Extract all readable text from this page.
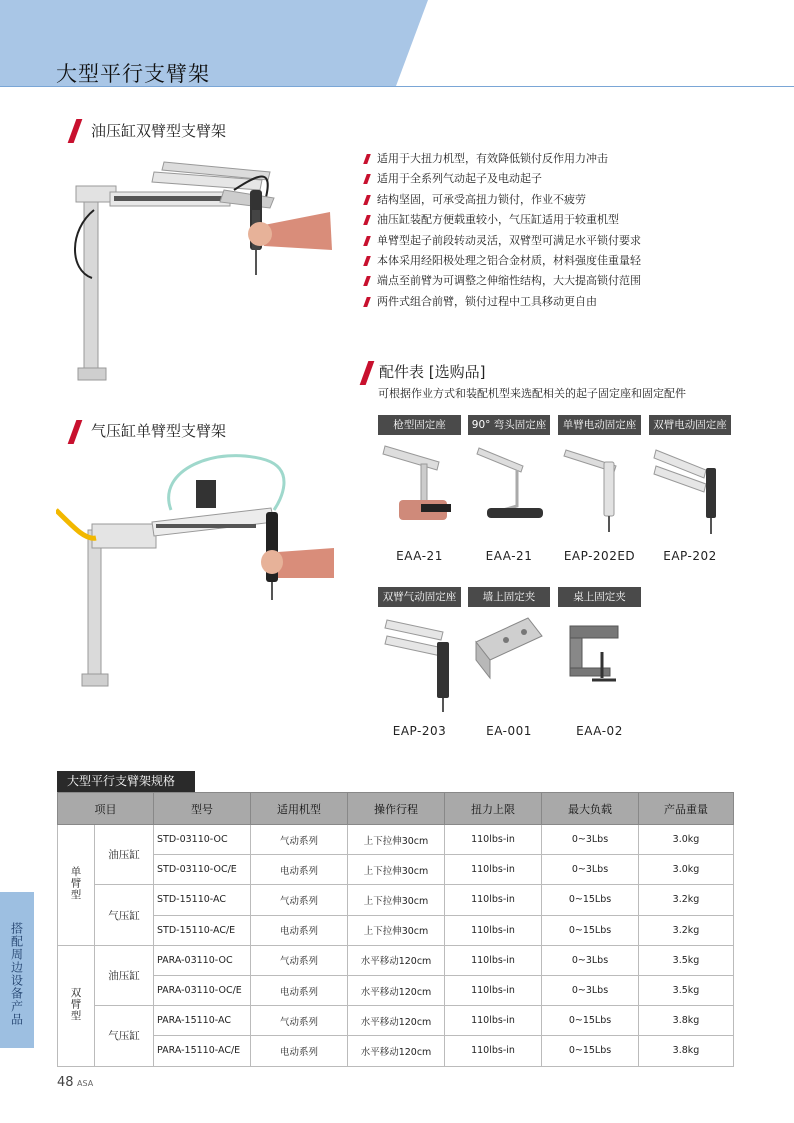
大型平行支臂架
油压缸双臂型支臂架
适用于大扭力机型，有效降低锁付反作用力冲击
适用于全系列气动起子及电动起子
结构坚固，可承受高扭力锁付，作业不疲劳
油压缸装配方便载重较小，气压缸适用于较重机型
单臂型起子前段转动灵活，双臂型可满足水平锁付要求
本体采用经阳极处理之铝合金材质，材料强度佳重量轻
端点至前臂为可调整之伸缩性结构，大大提高锁付范围
两件式组合前臂，锁付过程中工具移动更自由
配件表 [选购品]
可根据作业方式和装配机型来选配相关的起子固定座和固定配件
气压缸单臂型支臂架	枪型固定座	90° 弯头固定座	单臂电动固定座	双臂电动固定座
EAA-21	EAA-21	EAP-202ED	EAP-202
双臂气动固定座	墙上固定夹	桌上固定夹
EAP-203	EA-001	EAA-02
大型平行支臂架规格
项目		型号	适用机型	操作行程	扭力上限	最大负载	产品重量
单臂型	油压缸	STD-03110-OC	气动系列	上下拉伸30cm	110lbs-in	0~3Lbs	3.0kg
		STD-03110-OC/E	电动系列	上下拉伸30cm	110lbs-in	0~3Lbs	3.0kg
	气压缸	STD-15110-AC	气动系列	上下拉伸30cm	110lbs-in	0~15Lbs	3.2kg
		STD-15110-AC/E	电动系列	上下拉伸30cm	110lbs-in	0~15Lbs	3.2kg
双臂型	油压缸	PARA-03110-OC	气动系列	水平移动120cm	110lbs-in	0~3Lbs	3.5kg
		PARA-03110-OC/E	电动系列	水平移动120cm	110lbs-in	0~3Lbs	3.5kg
	气压缸	PARA-15110-AC	气动系列	水平移动120cm	110lbs-in	0~15Lbs	3.8kg
		PARA-15110-AC/E	电动系列	水平移动120cm	110lbs-in	0~15Lbs	3.8kg
搭配周边设备产品
48 ASA
